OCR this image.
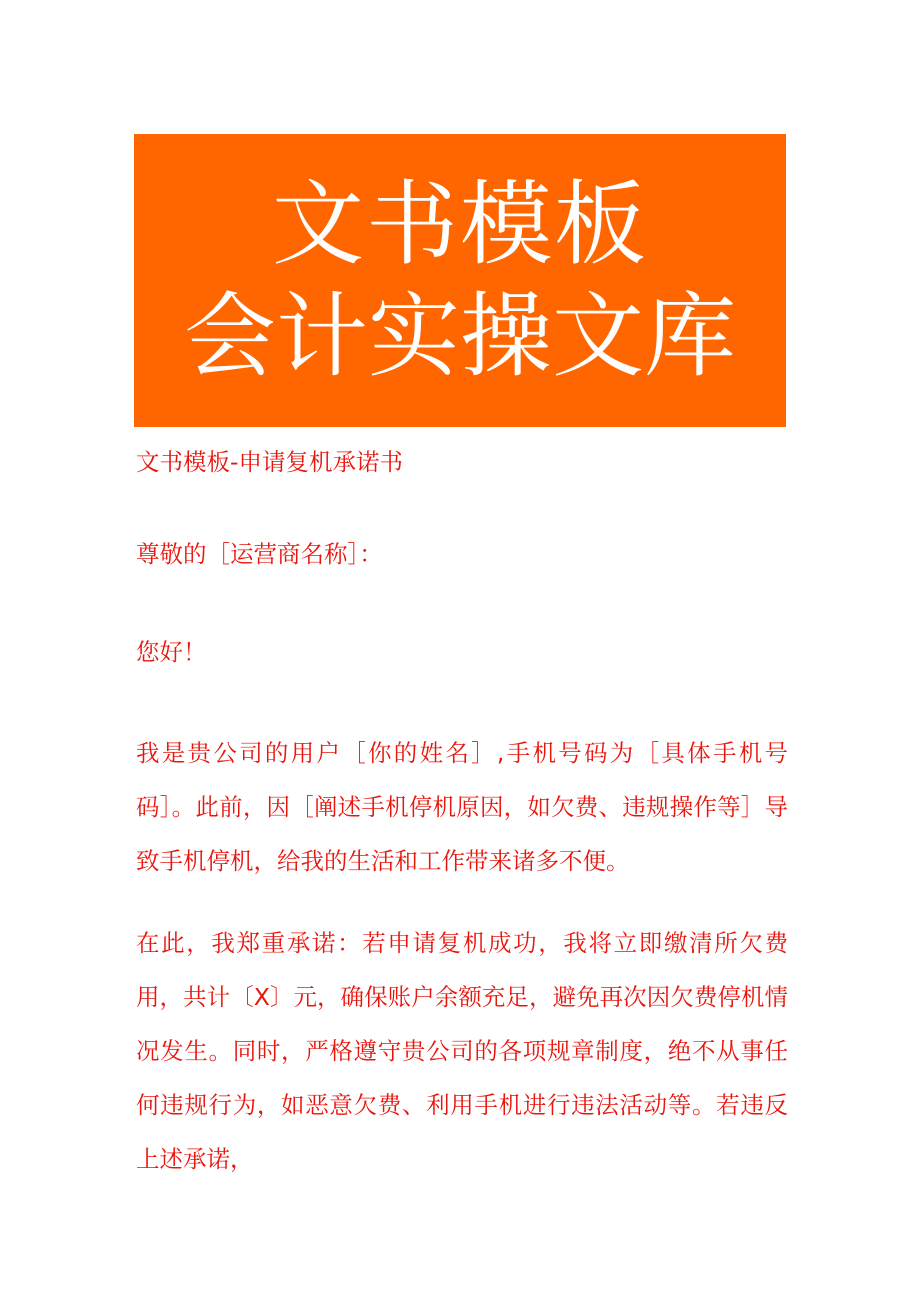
文书模板
会计实操文库

文书模板-申请复机承诺书

尊敬的［运营商名称］：

您好！

我是贵公司的用户［你的姓名］,手机号码为［具体手机号码］。此前，因［阐述手机停机原因，如欠费、违规操作等］导致手机停机，给我的生活和工作带来诸多不便。

在此，我郑重承诺：若申请复机成功，我将立即缴清所欠费用，共计〔X〕元，确保账户余额充足，避免再次因欠费停机情况发生。同时，严格遵守贵公司的各项规章制度，绝不从事任何违规行为，如恶意欠费、利用手机进行违法活动等。若违反上述承诺，
